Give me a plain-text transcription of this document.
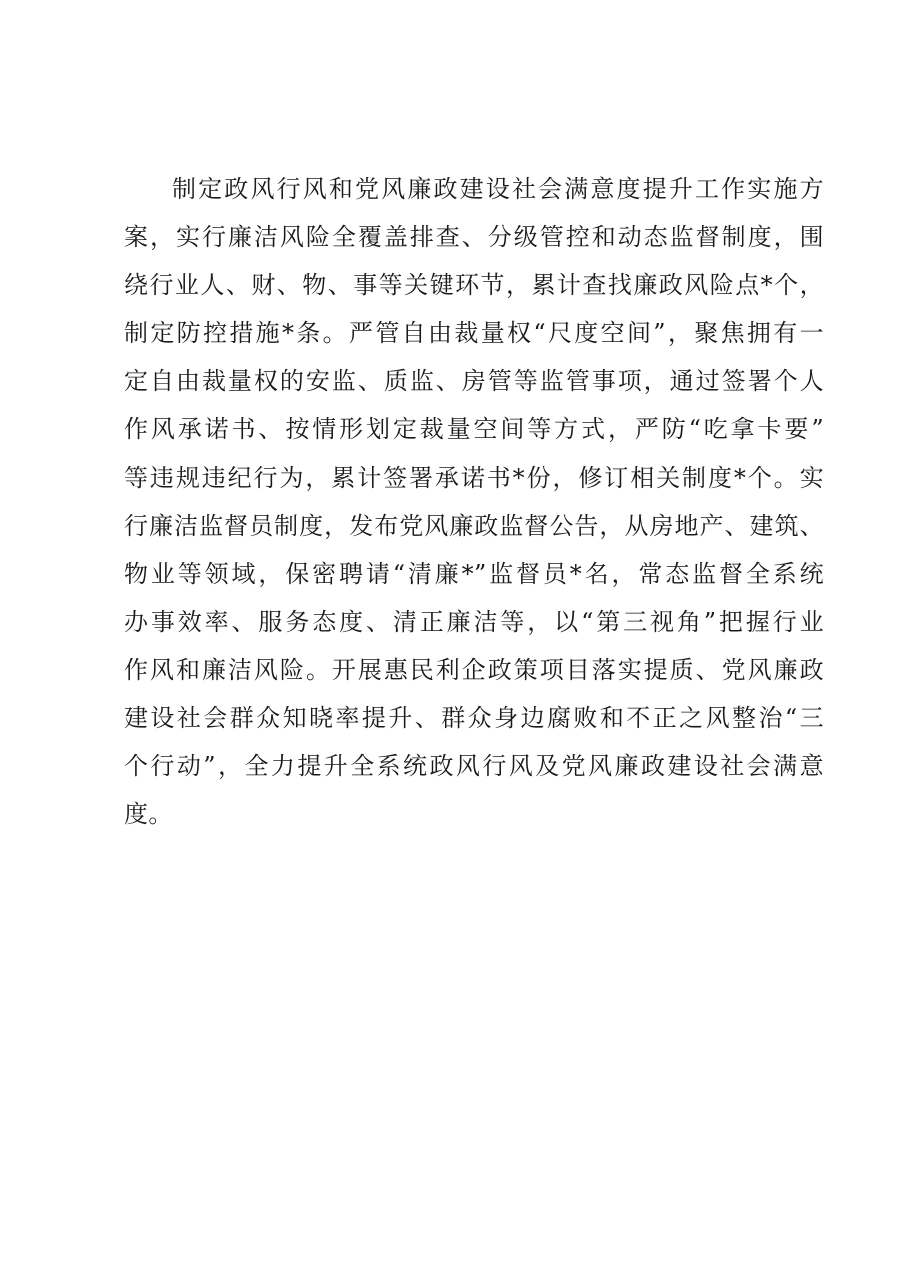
制定政风行风和党风廉政建设社会满意度提升工作实施方
案，实行廉洁风险全覆盖排查、分级管控和动态监督制度，围
绕行业人、财、物、事等关键环节，累计查找廉政风险点*个，
制定防控措施*条。严管自由裁量权“尺度空间”，聚焦拥有一
定自由裁量权的安监、质监、房管等监管事项，通过签署个人
作风承诺书、按情形划定裁量空间等方式，严防“吃拿卡要”
等违规违纪行为，累计签署承诺书*份，修订相关制度*个。实
行廉洁监督员制度，发布党风廉政监督公告，从房地产、建筑、
物业等领域，保密聘请“清廉*”监督员*名，常态监督全系统
办事效率、服务态度、清正廉洁等，以“第三视角”把握行业
作风和廉洁风险。开展惠民利企政策项目落实提质、党风廉政
建设社会群众知晓率提升、群众身边腐败和不正之风整治“三
个行动”，全力提升全系统政风行风及党风廉政建设社会满意
度。
